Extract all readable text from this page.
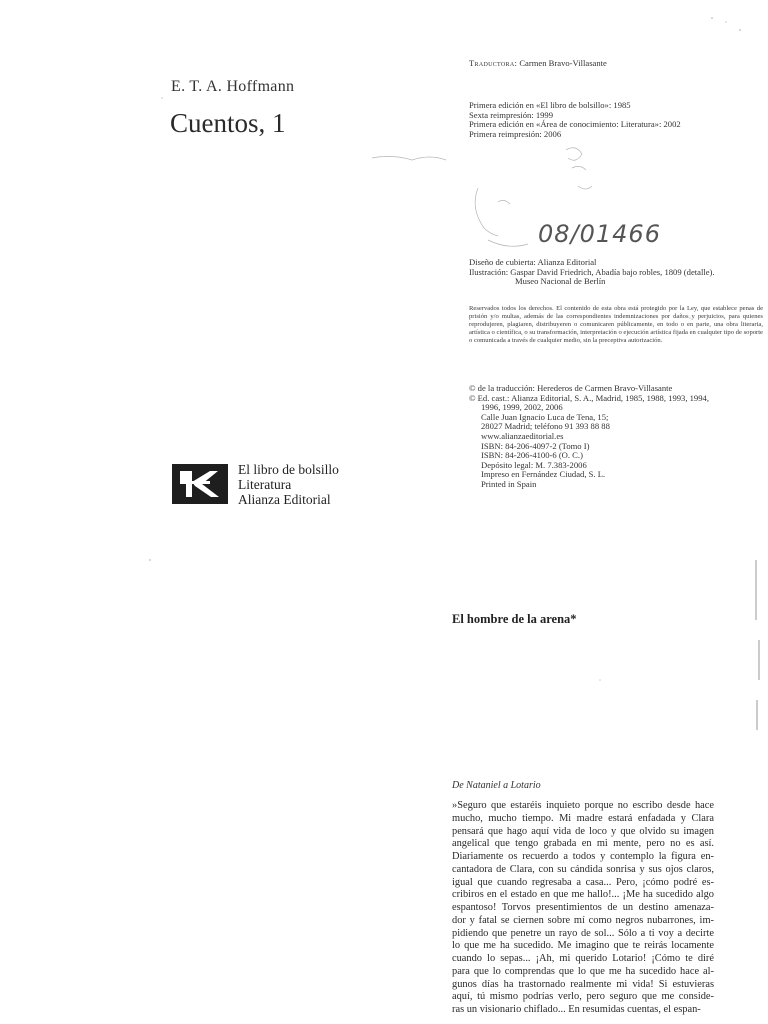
E. T. A. Hoffmann
Cuentos, 1
El libro de bolsillo
Literatura
Alianza Editorial
08/01466
Traductora: Carmen Bravo-Villasante

Primera edición en «El libro de bolsillo»: 1985

Sexta reimpresión: 1999

Primera edición en «Área de conocimiento: Literatura»: 2002

Primera reimpresión: 2006

Diseño de cubierta: Alianza Editorial

Ilustración: Gaspar David Friedrich, Abadía bajo robles, 1809 (detalle).

Museo Nacional de Berlín

Reservados todos los derechos. El contenido de esta obra está protegido por la Ley, que establece penas de prisión y/o multas, además de las correspondientes indemnizaciones por daños y perjuicios, para quienes reprodujeren, plagiaren, distribuyeren o comunicaren públicamente, en todo o en parte, una obra literaria, artística o científica, o su transformación, interpretación o ejecución artística fijada en cualquier tipo de soporte o comunicada a través de cualquier medio, sin la preceptiva autorización.

© de la traducción: Herederos de Carmen Bravo-Villasante

© Ed. cast.: Alianza Editorial, S. A., Madrid, 1985, 1988, 1993, 1994,

1996, 1999, 2002, 2006

Calle Juan Ignacio Luca de Tena, 15;

28027 Madrid; teléfono 91 393 88 88

www.alianzaeditorial.es

ISBN: 84-206-4097-2 (Tomo I)

ISBN: 84-206-4100-6 (O. C.)

Depósito legal: M. 7.383-2006

Impreso en Fernández Ciudad, S. L.

Printed in Spain

El hombre de la arena*
De Nataniel a Lotario

»Seguro que estaréis inquieto porque no escribo desde hace

mucho, mucho tiempo. Mi madre estará enfadada y Clara

pensará que hago aquí vida de loco y que olvido su imagen

angelical que tengo grabada en mi mente, pero no es así.

Diariamente os recuerdo a todos y contemplo la figura en-

cantadora de Clara, con su cándida sonrisa y sus ojos claros,

igual que cuando regresaba a casa... Pero, ¡cómo podré es-

cribiros en el estado en que me hallo!... ¡Me ha sucedido algo

espantoso! Torvos presentimientos de un destino amenaza-

dor y fatal se ciernen sobre mí como negros nubarrones, im-

pidiendo que penetre un rayo de sol... Sólo a ti voy a decirte

lo que me ha sucedido. Me imagino que te reirás locamente

cuando lo sepas... ¡Ah, mi querido Lotario! ¡Cómo te diré

para que lo comprendas que lo que me ha sucedido hace al-

gunos días ha trastornado realmente mi vida! Si estuvieras

aquí, tú mismo podrías verlo, pero seguro que me conside-

ras un visionario chiflado... En resumidas cuentas, el espan-
